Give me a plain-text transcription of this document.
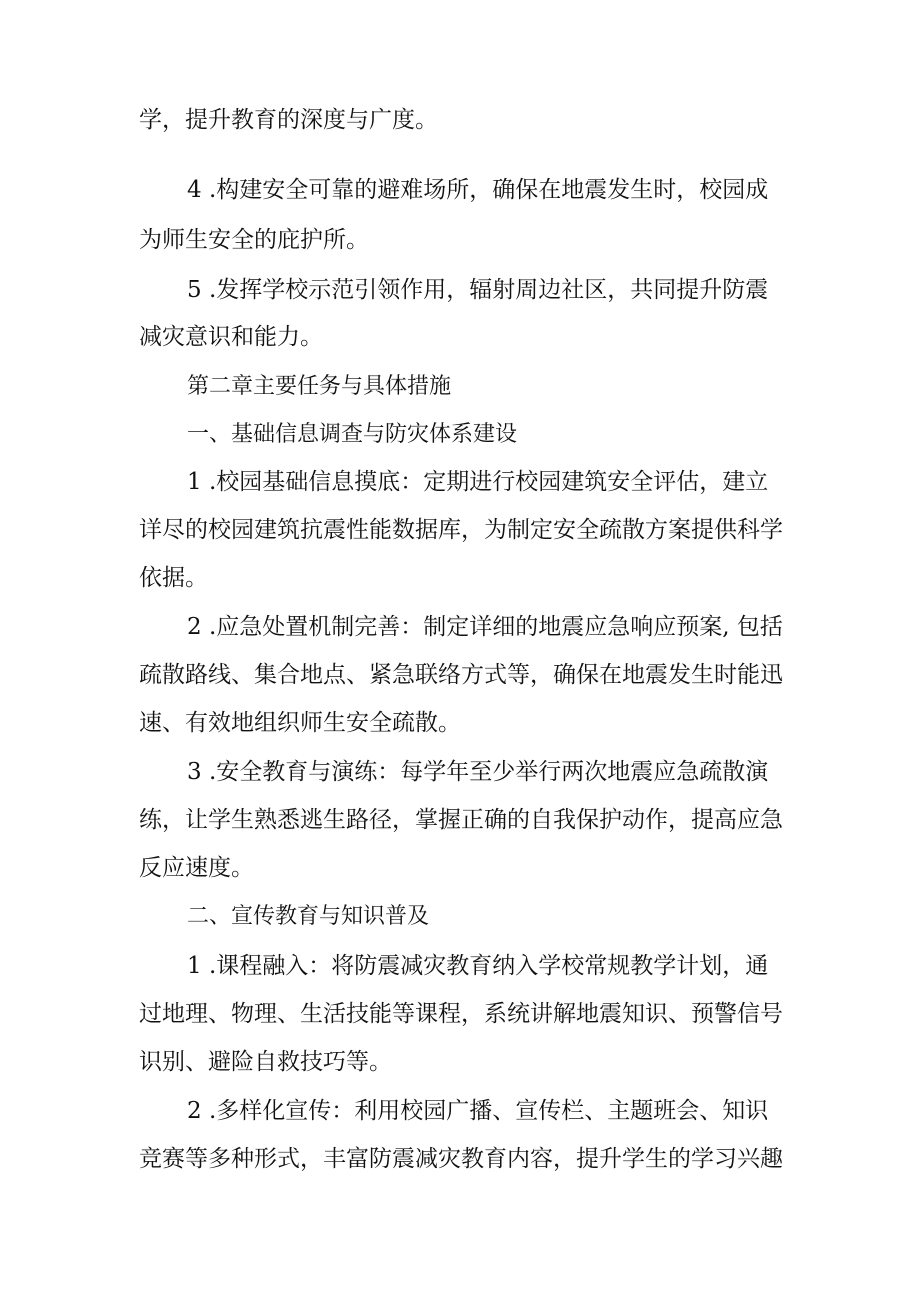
学，提升教育的深度与广度。

4 .构建安全可靠的避难场所，确保在地震发生时，校园成

为师生安全的庇护所。

5 .发挥学校示范引领作用，辐射周边社区，共同提升防震

减灾意识和能力。

第二章主要任务与具体措施

一、基础信息调查与防灾体系建设

1 .校园基础信息摸底：定期进行校园建筑安全评估，建立

详尽的校园建筑抗震性能数据库，为制定安全疏散方案提供科学

依据。

2 .应急处置机制完善：制定详细的地震应急响应预案, 包括

疏散路线、集合地点、紧急联络方式等，确保在地震发生时能迅

速、有效地组织师生安全疏散。

3 .安全教育与演练：每学年至少举行两次地震应急疏散演

练，让学生熟悉逃生路径，掌握正确的自我保护动作，提高应急

反应速度。

二、宣传教育与知识普及

1 .课程融入：将防震减灾教育纳入学校常规教学计划，通

过地理、物理、生活技能等课程，系统讲解地震知识、预警信号

识别、避险自救技巧等。

2 .多样化宣传：利用校园广播、宣传栏、主题班会、知识

竞赛等多种形式，丰富防震减灾教育内容，提升学生的学习兴趣
